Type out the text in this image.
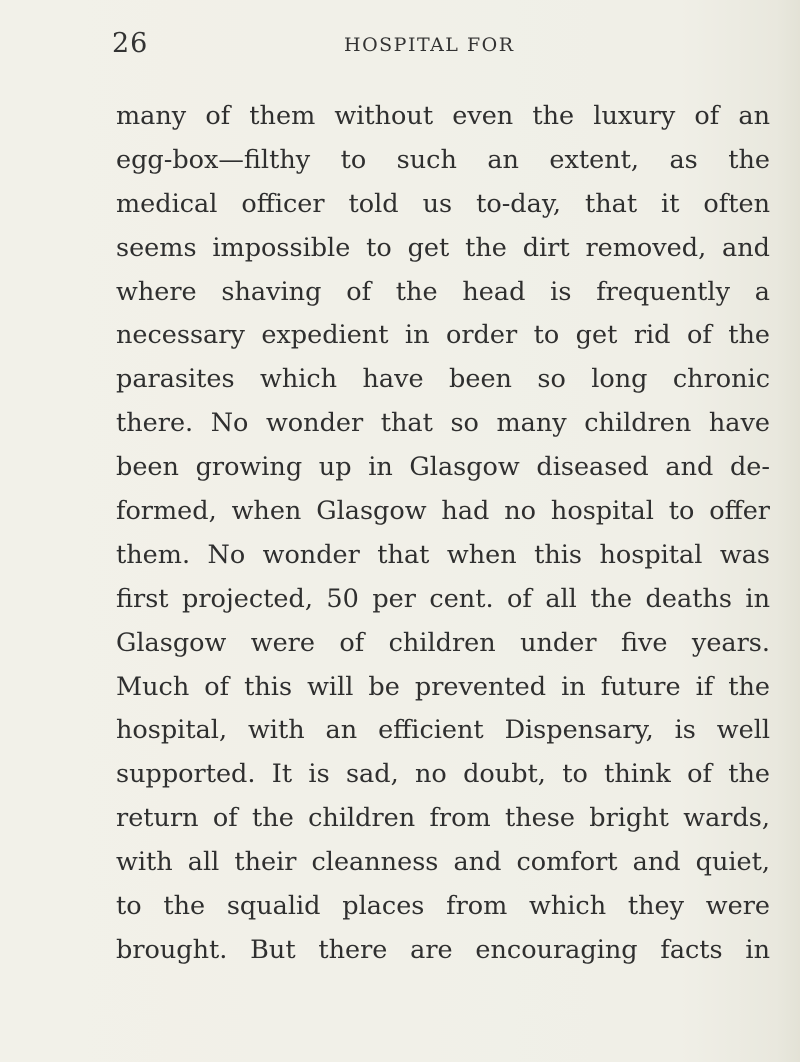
26	HOSPITAL FOR
many of them without even the luxury of an
egg-box—filthy to such an extent, as the
medical officer told us to-day, that it often
seems impossible to get the dirt removed, and
where shaving of the head is frequently a
necessary expedient in order to get rid of the
parasites which have been so long chronic
there. No wonder that so many children have
been growing up in Glasgow diseased and de-
formed, when Glasgow had no hospital to offer
them. No wonder that when this hospital was
first projected, 50 per cent. of all the deaths in
Glasgow were of children under five years.
Much of this will be prevented in future if the
hospital, with an efficient Dispensary, is well
supported. It is sad, no doubt, to think of the
return of the children from these bright wards,
with all their cleanness and comfort and quiet,
to the squalid places from which they were
brought. But there are encouraging facts in
